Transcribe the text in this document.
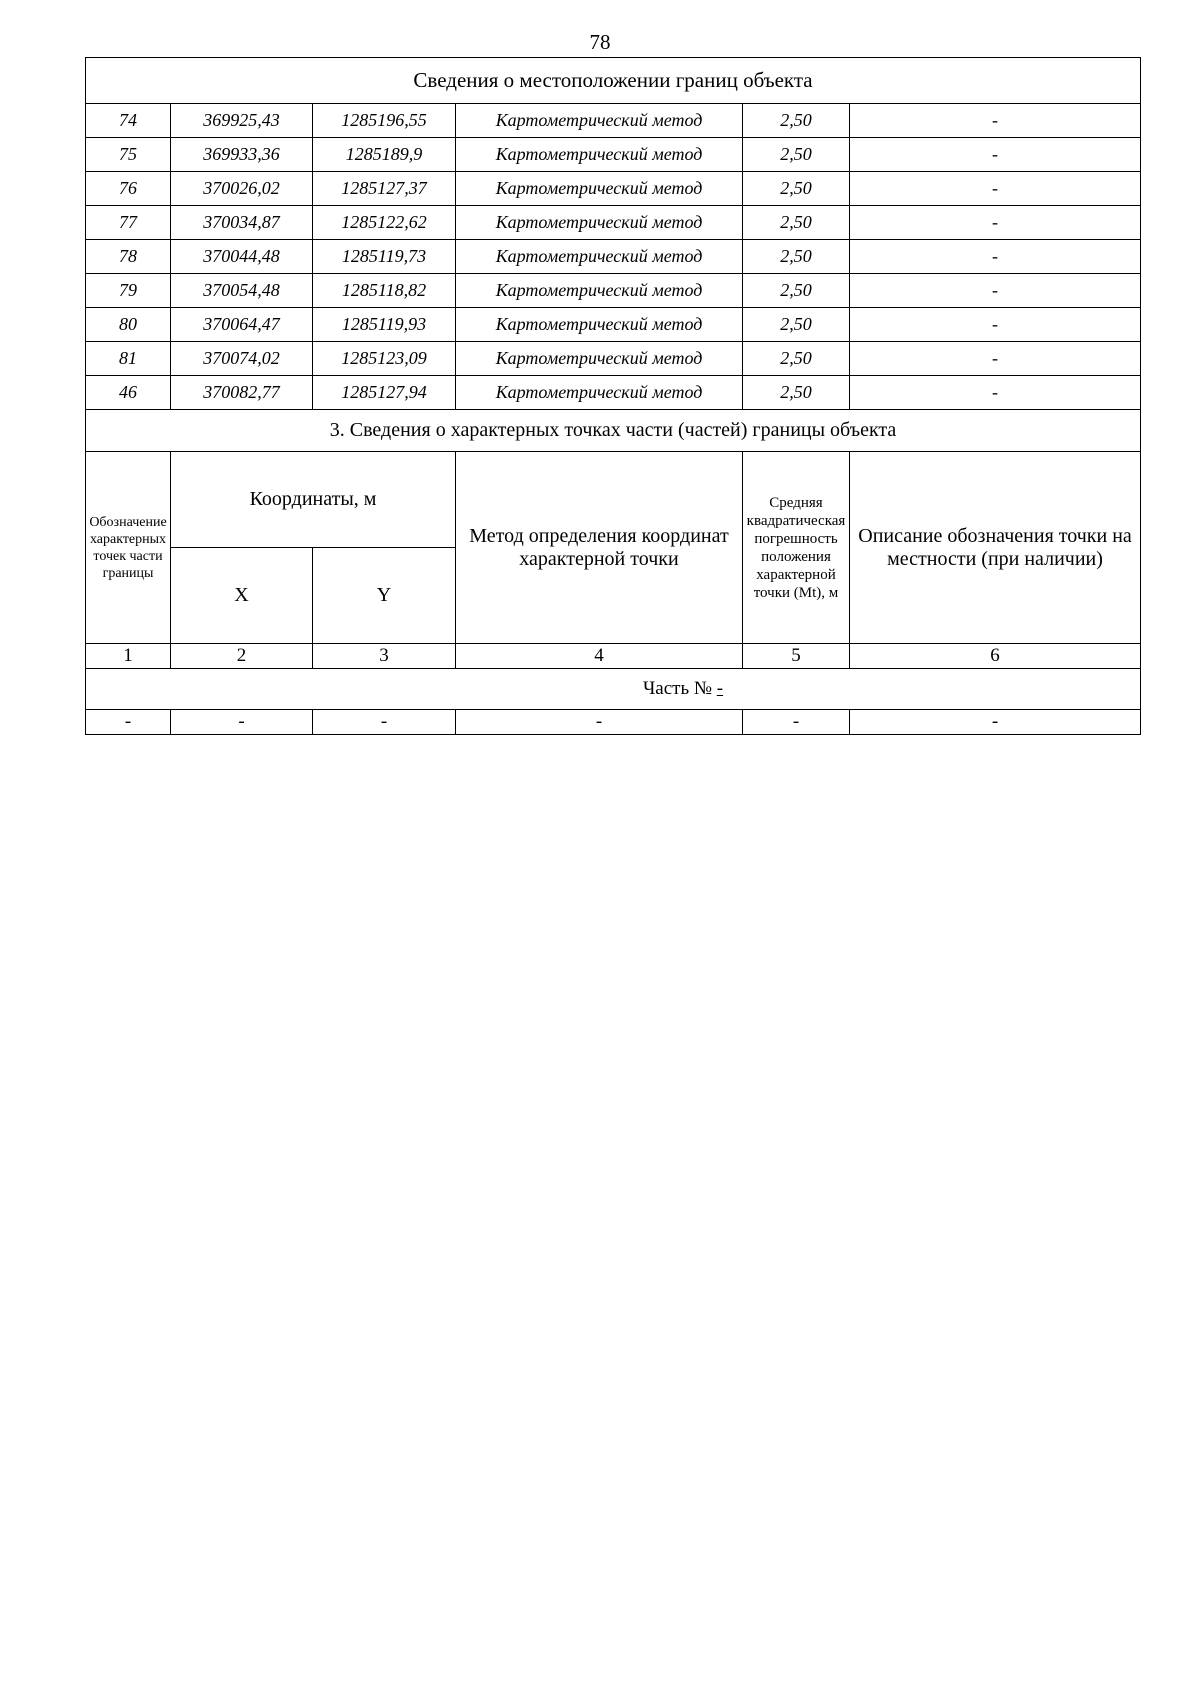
78
Сведения о местоположении границ объекта					
74	369925,43	1285196,55	Картометрический метод	2,50	-
75	369933,36	1285189,9	Картометрический метод	2,50	-
76	370026,02	1285127,37	Картометрический метод	2,50	-
77	370034,87	1285122,62	Картометрический метод	2,50	-
78	370044,48	1285119,73	Картометрический метод	2,50	-
79	370054,48	1285118,82	Картометрический метод	2,50	-
80	370064,47	1285119,93	Картометрический метод	2,50	-
81	370074,02	1285123,09	Картометрический метод	2,50	-
46	370082,77	1285127,94	Картометрический метод	2,50	-
3. Сведения о характерных точках части (частей) границы объекта					
Обозначение характерных точек части границы	Координаты, м		Метод определения координат характерной точки	Средняя квадратическая погрешность положения характерной точки (Mt), м	Описание обозначения точки на местности (при наличии)
	X	Y			
1	2	3	4	5	6
Часть № -					
-	-	-	-	-	-
